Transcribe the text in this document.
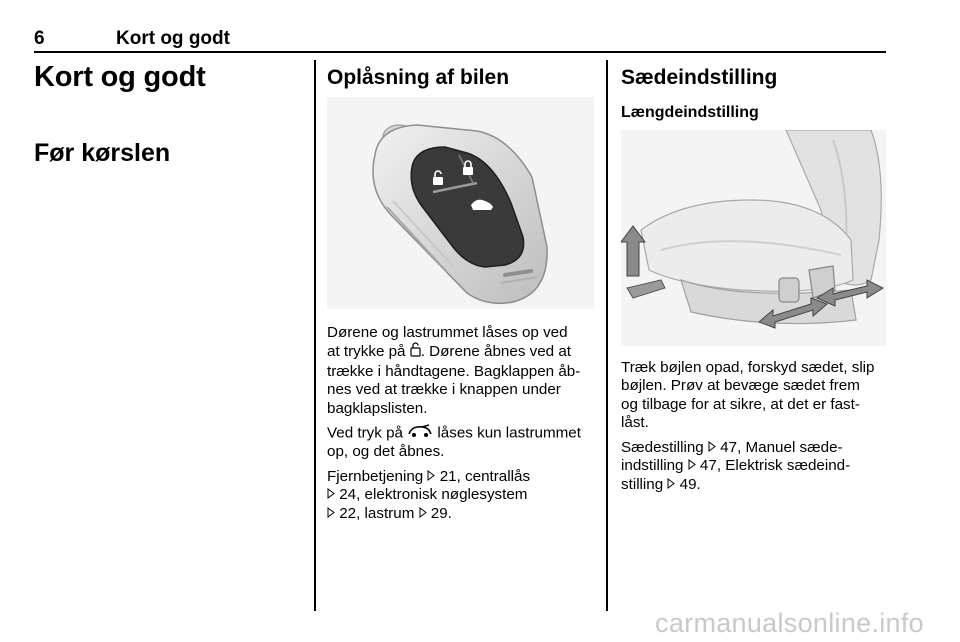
6	Kort og godt
Kort og godt
Før kørslen
Oplåsning af bilen

Dørene og lastrummet låses op ved
at trykke på . Dørene åbnes ved at
trække i håndtagene. Bagklappen åb-
nes ved at trække i knappen under
bagklapslisten.

Ved tryk på  låses kun lastrummet
op, og det åbnes.

Fjernbetjening  21, centrallås
24, elektronisk nøglesystem
22, lastrum  29.

Sædeindstilling
Længdeindstilling

Træk bøjlen opad, forskyd sædet, slip
bøjlen. Prøv at bevæge sædet frem
og tilbage for at sikre, at det er fast-
låst.

Sædestilling  47, Manuel sæde-
indstilling  47, Elektrisk sædeind-
stilling  49.

carmanualsonline.info
